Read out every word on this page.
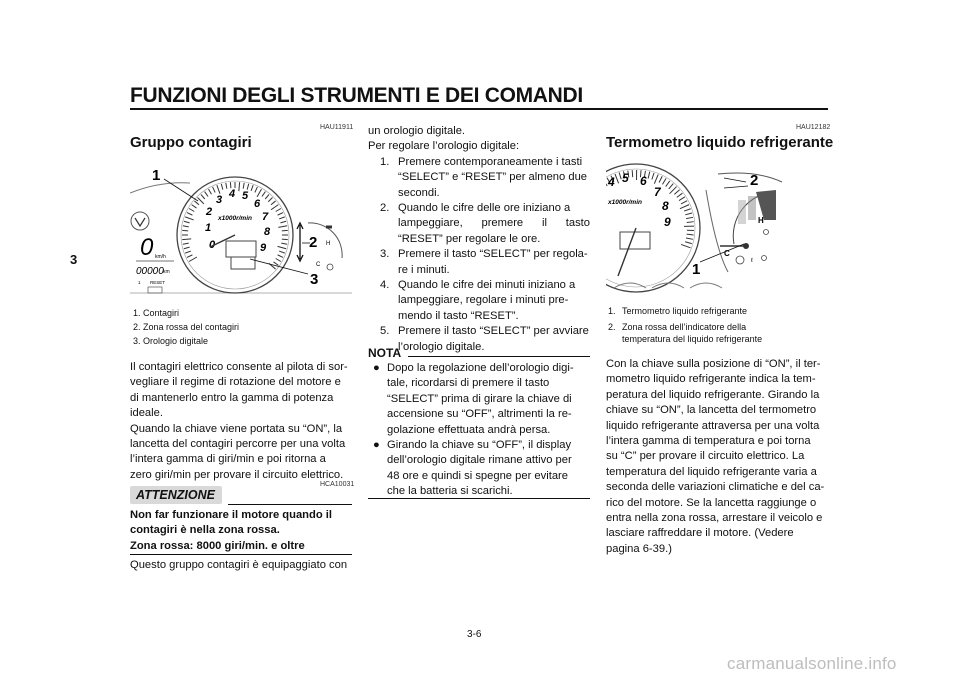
FUNZIONI DEGLI STRUMENTI E DEI COMANDI
3
HAU11911
Gruppo contagiri
0
1
2
3 4 5
6
7
8
9
x1000r/min
0 km/h
00000 km
1 RESET
H
C
1
2
3
1. Contagiri
2. Zona rossa del contagiri
3. Orologio digitale
Il contagiri elettrico consente al pilota di sor-
vegliare il regime di rotazione del motore e
di mantenerlo entro la gamma di potenza
ideale.
Quando la chiave viene portata su “ON”, la
lancetta del contagiri percorre per una volta
l’intera gamma di giri/min e poi ritorna a
zero giri/min per provare il circuito elettrico.
HCA10031
ATTENZIONE
Non far funzionare il motore quando il
contagiri è nella zona rossa.
Zona rossa: 8000 giri/min. e oltre
Questo gruppo contagiri è equipaggiato con
un orologio digitale.
Per regolare l’orologio digitale:
1. Premere contemporaneamente i tasti
“SELECT” e “RESET” per almeno due
secondi.
2. Quando le cifre delle ore iniziano a
lampeggiare, premere il tasto
“RESET” per regolare le ore.
3. Premere il tasto “SELECT” per regola-
re i minuti.
4. Quando le cifre dei minuti iniziano a
lampeggiare, regolare i minuti pre-
mendo il tasto “RESET”.
5. Premere il tasto “SELECT” per avviare
l’orologio digitale.
NOTA
● Dopo la regolazione dell’orologio digi-
tale, ricordarsi di premere il tasto
“SELECT” prima di girare la chiave di
accensione su “OFF”, altrimenti la re-
golazione effettuata andrà persa.
● Girando la chiave su “OFF”, il display
dell’orologio digitale rimane attivo per
48 ore e quindi si spegne per evitare
che la batteria si scarichi.
HAU12182
Termometro liquido refrigerante
4 5 6
7
8
9
x1000r/min
H
C
ℓ
1
2
1. Termometro liquido refrigerante
2. Zona rossa dell’indicatore della
temperatura del liquido refrigerante
Con la chiave sulla posizione di “ON”, il ter-
mometro liquido refrigerante indica la tem-
peratura del liquido refrigerante. Girando la
chiave su “ON”, la lancetta del termometro
liquido refrigerante attraversa per una volta
l’intera gamma di temperatura e poi torna
su “C” per provare il circuito elettrico. La
temperatura del liquido refrigerante varia a
seconda delle variazioni climatiche e del ca-
rico del motore. Se la lancetta raggiunge o
entra nella zona rossa, arrestare il veicolo e
lasciare raffreddare il motore. (Vedere
pagina 6-39.)
3-6
carmanualsonline.info
